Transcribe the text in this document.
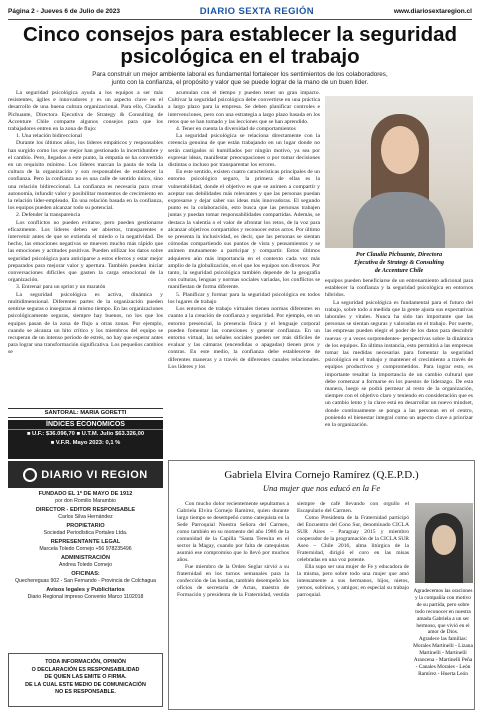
Página 2 - Jueves 6 de Julio de 2023	DIARIO SEXTA REGIÓN	www.diariosextaregion.cl
Cinco consejos para establecer la seguridad
psicológica en el trabajo
Para construir un mejor ambiente laboral es fundamental fortalecer los sentimientos de los colaboradores,
junto con la confianza, el propósito y valor que se puede lograr de la mano de un buen líder.

La seguridad psicológica ayuda a los equipos a ser más resistentes, ágiles e innovadores y es un aspecto clave en el desarrollo de una buena cultura organizacional. Para ello, Claudia Pichuante, Directora Ejecutiva de Strategy & Consulting de Accenture Chile comparte algunos consejos para que los trabajadores entren en la zona de flujo:

1. Una relación bidireccional

Durante los últimos años, los líderes empáticos y responsables han surgido como los que mejor han gestionado la incertidumbre y el cambio. Pero, llegados a este punto, la empatía se ha convertido en un requisito mínimo. Los líderes marcan la pauta de toda la cultura de la organización y son responsables de establecer la confianza. Pero la confianza no es una calle de sentido único, sino una relación bidireccional. La confianza es necesaria para crear autonomía, infundir valor y posibilitar momentos de crecimiento en la relación líder-empleado. En una relación basada en la confianza, los equipos pueden alcanzar todo su potencial.

2. Defender la transparencia

Los conflictos no pueden evitarse, pero pueden gestionarse eficazmente. Los líderes deben ser abiertos, transparentes e intervenir antes de que se extienda el miedo o la negatividad. De hecho, las emociones negativas se mueven mucho más rápido que las emociones y actitudes positivas. Pueden utilizar los datos sobre seguridad psicológica para anticiparse a estos efectos y estar mejor preparados para mejorar valor y apertura. También pueden iniciar conversaciones difíciles que gasten la carga emocional de la organización.

3. Entrenar para un sprint y un maratón

La seguridad psicológica es activa, dinámica y multidimensional. Diferentes partes de la organización pueden sentirse seguras o inseguras al mismo tiempo. En las organizaciones psicológicamente seguras, siempre hay buenos, no los que los equipos pasan de la zona de flujo a otras zonas. Por ejemplo, cuando se alcanza un hito crítico y los miembros del equipo se recuperan de un intenso período de estrés, no hay que esperar antes para lograr una transformación significativa. Los pequeños cambios se

acumulan con el tiempo y pueden tener un gran impacto. Cultivar la seguridad psicológica debe convertirse en una práctica a largo plazo para la empresa. Se deben planificar controles e intervenciones, pero con una estrategia a largo plazo basada en los retos que se han tomado y las lecciones que se han aprendido.

4. Tener en cuenta la diversidad de comportamientos

La seguridad psicológica se relaciona directamente con la creencia genuina de que están trabajando en un lugar donde no serán castigados ni humillados por ningún motivo, ya sea por expresar ideas, manifestar preocupaciones o por tomar decisiones distintas o incluso por transparentar los errores.

En este sentido, existen cuatro características principales de un entorno psicológico seguro, la primera de ellas es la vulnerabilidad, donde el objetivo es que se animen a compartir y aceptar sus debilidades más relevantes y que las personas puedan expresarse y dejar saber sus ideas más innovadoras. El segundo punto es la colaboración, esto busca que las personas trabajen juntas y puedan tomar responsabilidades compartidas. Además, se destaca la valentía o el valor de afrontar los retos, de la voz para alcanzar objetivos compartidos y reconocer estos actos. Por último se presenta la inclusividad, es decir, que las personas se sientan cómodas compartiendo sus puntos de vista y pensamientos y se animen mutuamente a participar y compartir. Estos últimos adquieren aún más importancia en el contexto cada vez más amplio de la globalización, en el que los equipos son diversos. Por tanto, la seguridad psicológica también depende de la geografía con culturas, lenguas y normas sociales variadas, los conflictos se manifiestan de forma diferente.

5. Planificar y formar para la seguridad psicológica en todos los lugares de trabajo

Los entornos de trabajo virtuales tienen normas diferentes en cuanto a la creación de confianza y seguridad. Por ejemplo, en un entorno presencial, la presencia física y el lenguaje corporal pueden fomentar las conexiones y generar confianza. En un entorno virtual, las señales sociales pueden ser más difíciles de evaluar y las cámaras (encendidas o apagadas) tienen pros y contras. En este medio, la confianza debe establecerse de diferentes maneras y a través de diferentes canales relacionales. Los líderes y los

Por Claudia Pichuante, Directora
Ejecutiva de Strategy & Consulting
de Accenture Chile

equipos pueden beneficiarse de un entrenamiento adicional para establecer la confianza y la seguridad psicológica en entornos híbridos.

La seguridad psicológica es fundamental para el futuro del trabajo, sobre todo a medida que la gente ajusta sus expectativas laborales y vitales. Nunca ha sido tan importante que las personas se sientan seguras y valoradas en el trabajo. Por suerte, las empresas pueden elegir el poder de los datos para descubrir nuevas -y a veces sorprendentes- perspectivas sobre la dinámica de los equipos. En última instancia, esto permitirá a las empresas tomar las medidas necesarias para fomentar la seguridad psicológica en el trabajo y mantener el crecimiento a través de equipos productivos y comprometidos. Para lograr esto, es importante resaltar la importancia de un cambio cultural que debe comenzar a formarse en los puestos de liderazgo. De esta manera, luego se podrá permear al resto de la organización, siempre con el objetivo claro y teniendo en consideración que es un cambio lento y la clave está en desarrollar un nuevo mindset, donde continuamente se ponga a las personas en el centro, poniendo el bienestar integral como un aspecto clave a priorizar en la organización.

SANTORAL: MARIA GORETTI
ÍNDICES ECONÓMICOS
■ U.F.: $36.096,70 ■ U.T.M. Julio $63.326,00
■ V.F.R. Mayo 2023: 0,1 %
DIARIO VI REGION
FUNDADO EL 1º DE MAYO DE 1912
por don Romilio Marambio
DIRECTOR - EDITOR RESPONSABLE
Carlos Silva Hernández
PROPIETARIO
Sociedad Periodística Portales Ltda.
REPRESENTANTE LEGAL
Marcela Toledo Cornejo +56 978235496
ADMINISTRACIÓN
Andrea Toledo Cornejo
OFICINAS:
Quechereguas 902 - San Fernando - Provincia de Colchagua
Avisos legales y Publicitarios
Diario Regional impreso Convenio Marco 1102018
TODA INFORMACIÓN, OPINIÓN
O DECLARACIÓN ES RESPONSABILIDAD
DE QUIEN LAS EMITE O FIRMA.
DE LA CUAL ESTE MEDIO DE COMUNICACIÓN
NO ES RESPONSABLE.
Gabriela Elvira Cornejo Ramírez (Q.E.P.D.)
Una mujer que nos educó en la Fe

Con mucho dolor recientemente sepultamos a Gabriela Elvira Cornejo Ramírez, quien durante largo tiempo se desempeñó como catequista en la Sede Parroquial Nuestra Señora del Carmen, como también en su momento del año 1986 de la comunidad de la Capilla "Santa Teresita en el sector la Magay, cuando por falta de catequistas asumió ese compromiso que lo llevó por muchos años.

Fue miembro de la Orden Seglar sirvió a su fraternidad en los turnos semanales para la confección de las hostias, también desempeñó los oficios de secretaria de Actas, maestra de Formación y presidenta de la Fraternidad, vestida siempre de café llevando con orgullo el Escapulario del Carmen.

Como Presidenta de la Fraternidad participó del Encuentro del Cono Sur, denominado CICLA SUR Aires – Paraguay 2015 y miembro cooperador de la programación de la CICLA SUR Aseo – Chile 2016, alma litúrgica de la Fraternidad, dirigió el coro en las misas celebradas en una voz potente.

Ella supo ser una mujer de Fe y educadora de la misma, pero sobre todo una mujer que amó intensamente a sus hermanos, hijos, nietos, yernos, sobrinos, y amigos; en especial su trabajo parroquial.

Agradecemos las oraciones y la compañía con motivo de su partida, pero sobre todo reconocer en nuestra amada Gabriela a un ser hermoso, que vivió en el amor de Dios.
Agradece las familias:
Morales Martinelli - Lizana Martinelli - Martinelli Arancena - Martinelli Peña - Canales Morales - León Ramírez - Huerta León
